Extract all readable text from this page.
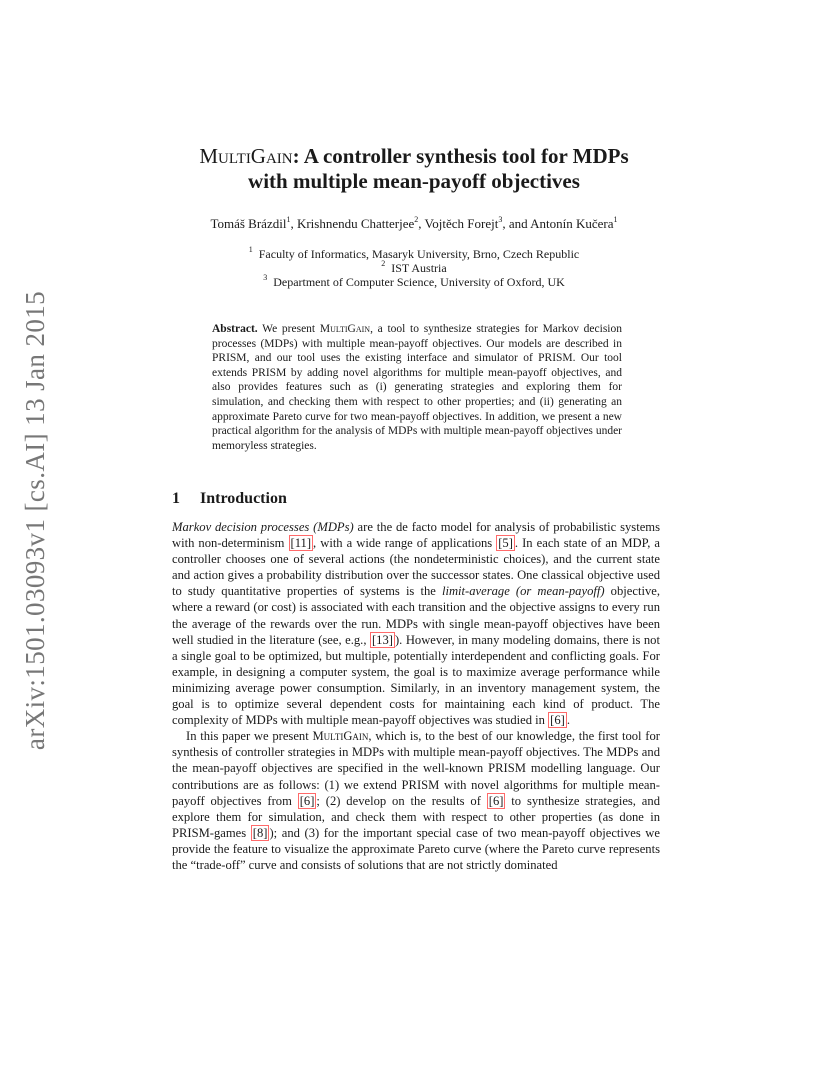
arXiv:1501.03093v1 [cs.AI] 13 Jan 2015
MultiGain: A controller synthesis tool for MDPs
with multiple mean-payoff objectives
Tomáš Brázdil$^1$, Krishnendu Chatterjee$^2$, Vojtěch Forejt$^3$, and Antonín Kučera$^1$
$^1$ Faculty of Informatics, Masaryk University, Brno, Czech Republic
$^2$ IST Austria
$^3$ Department of Computer Science, University of Oxford, UK
Abstract. We present MultiGain, a tool to synthesize strategies for Markov decision processes (MDPs) with multiple mean-payoff objectives. Our models are described in PRISM, and our tool uses the existing interface and simulator of PRISM. Our tool extends PRISM by adding novel algorithms for multiple mean-payoff objectives, and also provides features such as (i) generating strategies and exploring them for simulation, and checking them with respect to other properties; and (ii) generating an approximate Pareto curve for two mean-payoff objectives. In addition, we present a new practical algorithm for the analysis of MDPs with multiple mean-payoff objectives under memoryless strategies.
1 Introduction

Markov decision processes (MDPs) are the de facto model for analysis of probabilistic systems with non-determinism [11] , with a wide range of applications [5] . In each state of an MDP, a controller chooses one of several actions (the nondeterministic choices), and the current state and action gives a probability distribution over the successor states. One classical objective used to study quantitative properties of systems is the limit-average (or mean-payoff) objective, where a reward (or cost) is associated with each transition and the objective assigns to every run the average of the rewards over the run. MDPs with single mean-payoff objectives have been well studied in the literature (see, e.g., [13] ). However, in many modeling domains, there is not a single goal to be optimized, but multiple, potentially interdependent and conflicting goals. For example, in designing a computer system, the goal is to maximize average performance while minimizing average power consumption. Similarly, in an inventory management system, the goal is to optimize several dependent costs for maintaining each kind of product. The complexity of MDPs with multiple mean-payoff objectives was studied in [6] .

In this paper we present MultiGain, which is, to the best of our knowledge, the first tool for synthesis of controller strategies in MDPs with multiple mean-payoff objectives. The MDPs and the mean-payoff objectives are specified in the well-known PRISM modelling language. Our contributions are as follows: (1) we extend PRISM with novel algorithms for multiple mean-payoff objectives from [6] ; (2) develop on the results of [6] to synthesize strategies, and explore them for simulation, and check them with respect to other properties (as done in PRISM-games [8] ); and (3) for the important special case of two mean-payoff objectives we provide the feature to visualize the approximate Pareto curve (where the Pareto curve represents the “trade-off” curve and consists of solutions that are not strictly dominated
